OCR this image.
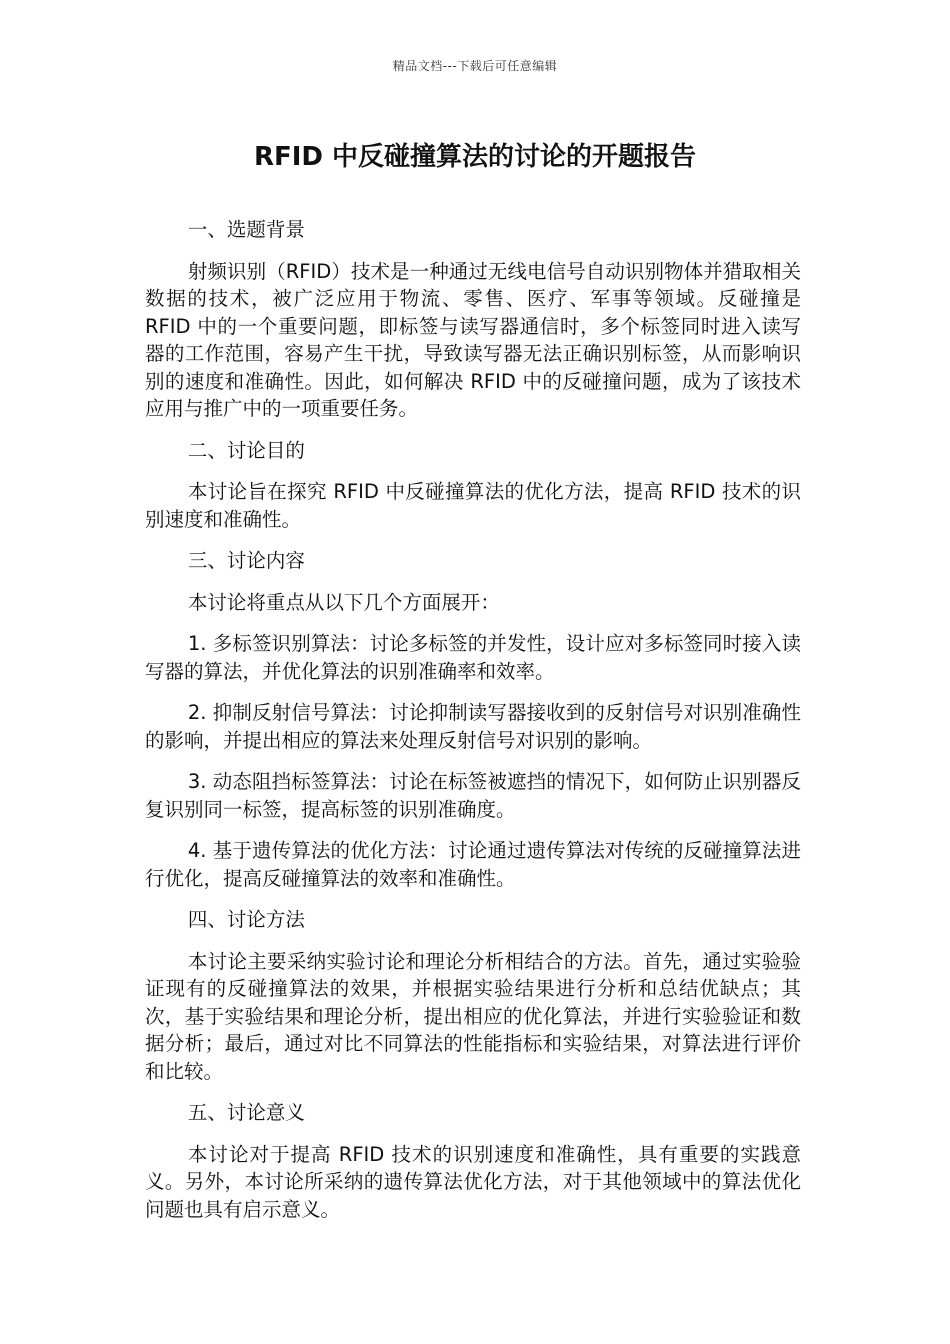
精品文档---下载后可任意编辑
RFID 中反碰撞算法的讨论的开题报告
一、选题背景

射频识别（RFID）技术是一种通过无线电信号自动识别物体并猎取相关数据的技术，被广泛应用于物流、零售、医疗、军事等领域。反碰撞是 RFID 中的一个重要问题，即标签与读写器通信时，多个标签同时进入读写器的工作范围，容易产生干扰，导致读写器无法正确识别标签，从而影响识别的速度和准确性。因此，如何解决 RFID 中的反碰撞问题，成为了该技术应用与推广中的一项重要任务。

二、讨论目的

本讨论旨在探究 RFID 中反碰撞算法的优化方法，提高 RFID 技术的识别速度和准确性。

三、讨论内容

本讨论将重点从以下几个方面展开：

1. 多标签识别算法：讨论多标签的并发性，设计应对多标签同时接入读写器的算法，并优化算法的识别准确率和效率。

2. 抑制反射信号算法：讨论抑制读写器接收到的反射信号对识别准确性的影响，并提出相应的算法来处理反射信号对识别的影响。

3. 动态阻挡标签算法：讨论在标签被遮挡的情况下，如何防止识别器反复识别同一标签，提高标签的识别准确度。

4. 基于遗传算法的优化方法：讨论通过遗传算法对传统的反碰撞算法进行优化，提高反碰撞算法的效率和准确性。

四、讨论方法

本讨论主要采纳实验讨论和理论分析相结合的方法。首先，通过实验验证现有的反碰撞算法的效果，并根据实验结果进行分析和总结优缺点；其次，基于实验结果和理论分析，提出相应的优化算法，并进行实验验证和数据分析；最后，通过对比不同算法的性能指标和实验结果，对算法进行评价和比较。

五、讨论意义

本讨论对于提高 RFID 技术的识别速度和准确性，具有重要的实践意义。另外，本讨论所采纳的遗传算法优化方法，对于其他领域中的算法优化问题也具有启示意义。
